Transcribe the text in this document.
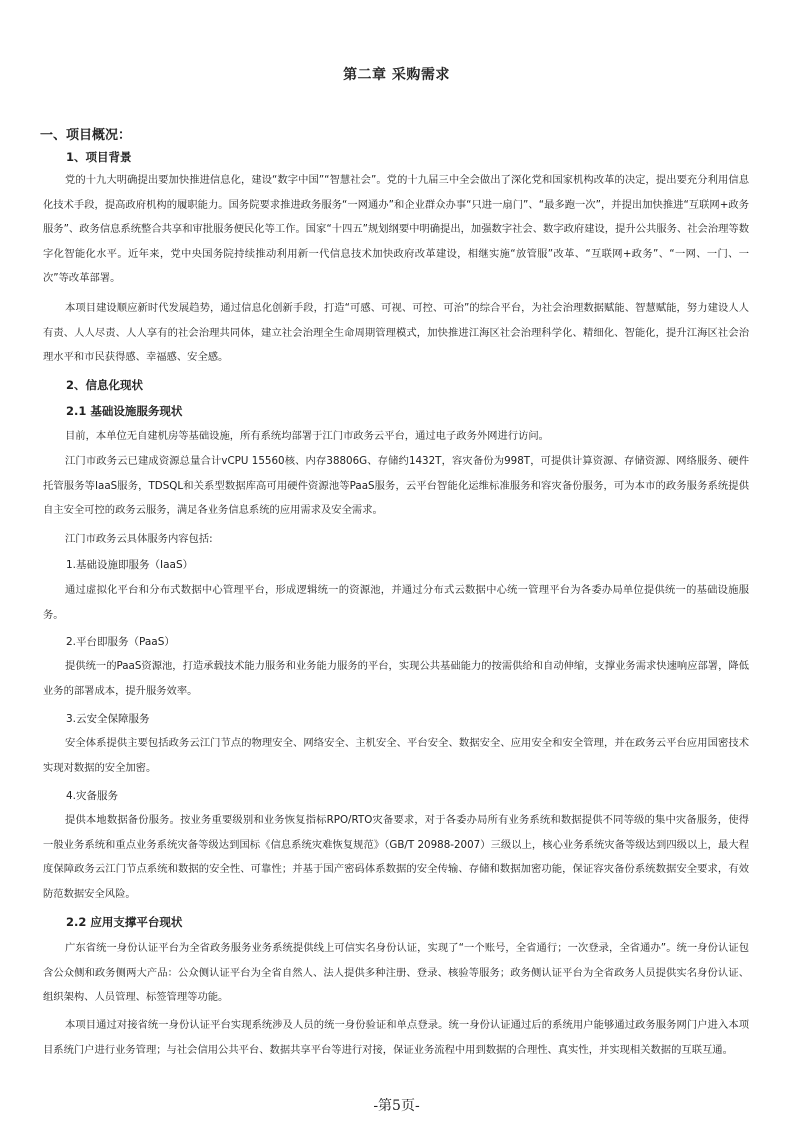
第二章 采购需求
一、项目概况：
1、项目背景

党的十九大明确提出要加快推进信息化，建设“数字中国”“智慧社会”。党的十九届三中全会做出了深化党和国家机构改革的决定，提出要充分利用信息化技术手段，提高政府机构的履职能力。国务院要求推进政务服务“一网通办”和企业群众办事“只进一扇门”、“最多跑一次”，并提出加快推进“互联网+政务服务”、政务信息系统整合共享和审批服务便民化等工作。国家“十四五”规划纲要中明确提出，加强数字社会、数字政府建设，提升公共服务、社会治理等数字化智能化水平。近年来，党中央国务院持续推动利用新一代信息技术加快政府改革建设，相继实施“放管服”改革、“互联网+政务”、“一网、一门、一次”等改革部署。

本项目建设顺应新时代发展趋势，通过信息化创新手段，打造“可感、可视、可控、可治”的综合平台，为社会治理数据赋能、智慧赋能，努力建设人人有责、人人尽责、人人享有的社会治理共同体，建立社会治理全生命周期管理模式，加快推进江海区社会治理科学化、精细化、智能化，提升江海区社会治理水平和市民获得感、幸福感、安全感。

2、信息化现状
2.1 基础设施服务现状

目前，本单位无自建机房等基础设施，所有系统均部署于江门市政务云平台，通过电子政务外网进行访问。

江门市政务云已建成资源总量合计vCPU 15560核、内存38806G、存储约1432T，容灾备份为998T，可提供计算资源、存储资源、网络服务、硬件托管服务等IaaS服务，TDSQL和关系型数据库高可用硬件资源池等PaaS服务，云平台智能化运维标准服务和容灾备份服务，可为本市的政务服务系统提供自主安全可控的政务云服务，满足各业务信息系统的应用需求及安全需求。

江门市政务云具体服务内容包括:

1.基础设施即服务（IaaS）

通过虚拟化平台和分布式数据中心管理平台，形成逻辑统一的资源池，并通过分布式云数据中心统一管理平台为各委办局单位提供统一的基础设施服务。

2.平台即服务（PaaS）

提供统一的PaaS资源池，打造承载技术能力服务和业务能力服务的平台，实现公共基础能力的按需供给和自动伸缩，支撑业务需求快速响应部署，降低业务的部署成本，提升服务效率。

3.云安全保障服务

安全体系提供主要包括政务云江门节点的物理安全、网络安全、主机安全、平台安全、数据安全、应用安全和安全管理，并在政务云平台应用国密技术实现对数据的安全加密。

4.灾备服务

提供本地数据备份服务。按业务重要级别和业务恢复指标RPO/RTO灾备要求，对于各委办局所有业务系统和数据提供不同等级的集中灾备服务，使得一般业务系统和重点业务系统灾备等级达到国标《信息系统灾难恢复规范》（GB/T 20988-2007）三级以上，核心业务系统灾备等级达到四级以上，最大程度保障政务云江门节点系统和数据的安全性、可靠性；并基于国产密码体系数据的安全传输、存储和数据加密功能，保证容灾备份系统数据安全要求，有效防范数据安全风险。

2.2 应用支撑平台现状

广东省统一身份认证平台为全省政务服务业务系统提供线上可信实名身份认证，实现了“一个账号，全省通行；一次登录，全省通办”。统一身份认证包含公众侧和政务侧两大产品：公众侧认证平台为全省自然人、法人提供多种注册、登录、核验等服务；政务侧认证平台为全省政务人员提供实名身份认证、组织架构、人员管理、标签管理等功能。

本项目通过对接省统一身份认证平台实现系统涉及人员的统一身份验证和单点登录。统一身份认证通过后的系统用户能够通过政务服务网门户进入本项目系统门户进行业务管理；与社会信用公共平台、数据共享平台等进行对接，保证业务流程中用到数据的合理性、真实性，并实现相关数据的互联互通。

-第5页-
